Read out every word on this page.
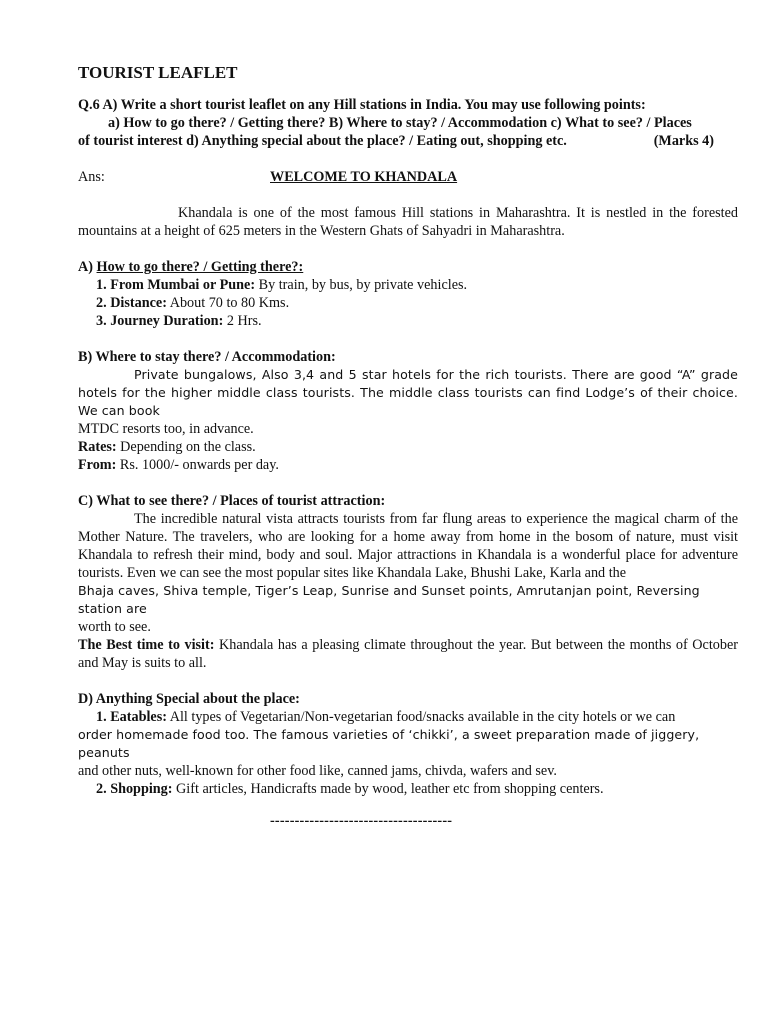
TOURIST LEAFLET

Q.6 A) Write a short tourist leaflet on any Hill stations in India. You may use following points:

a) How to go there? / Getting there? B) Where to stay? / Accommodation c) What to see? / Places

of tourist interest d) Anything special about the place? / Eating out, shopping etc.	(Marks 4)

Ans:	WELCOME TO KHANDALA

Khandala is one of the most famous Hill stations in Maharashtra. It is nestled in the forested mountains at a height of 625 meters in the Western Ghats of Sahyadri in Maharashtra.

A) How to go there? / Getting there?:

1. From Mumbai or Pune: By train, by bus, by private vehicles.

2. Distance: About 70 to 80 Kms.

3. Journey Duration: 2 Hrs.

B) Where to stay there? / Accommodation:

Private bungalows, Also 3,4 and 5 star hotels for the rich tourists. There are good “A” grade hotels for the higher middle class tourists. The middle class tourists can find Lodge’s of their choice. We can book

MTDC resorts too, in advance.

Rates: Depending on the class.

From: Rs. 1000/- onwards per day.

C) What to see there? / Places of tourist attraction:

The incredible natural vista attracts tourists from far flung areas to experience the magical charm of the Mother Nature. The travelers, who are looking for a home away from home in the bosom of nature, must visit Khandala to refresh their mind, body and soul. Major attractions in Khandala is a wonderful place for adventure tourists. Even we can see the most popular sites like Khandala Lake, Bhushi Lake, Karla and the

Bhaja caves, Shiva temple, Tiger’s Leap, Sunrise and Sunset points, Amrutanjan point, Reversing station are

worth to see.

The Best time to visit: Khandala has a pleasing climate throughout the year. But between the months of October and May is suits to all.

D) Anything Special about the place:

1. Eatables: All types of Vegetarian/Non-vegetarian food/snacks available in the city hotels or we can

order homemade food too. The famous varieties of ‘chikki’, a sweet preparation made of jiggery, peanuts

and other nuts, well-known for other food like, canned jams, chivda, wafers and sev.

2. Shopping: Gift articles, Handicrafts made by wood, leather etc from shopping centers.

-------------------------------------
